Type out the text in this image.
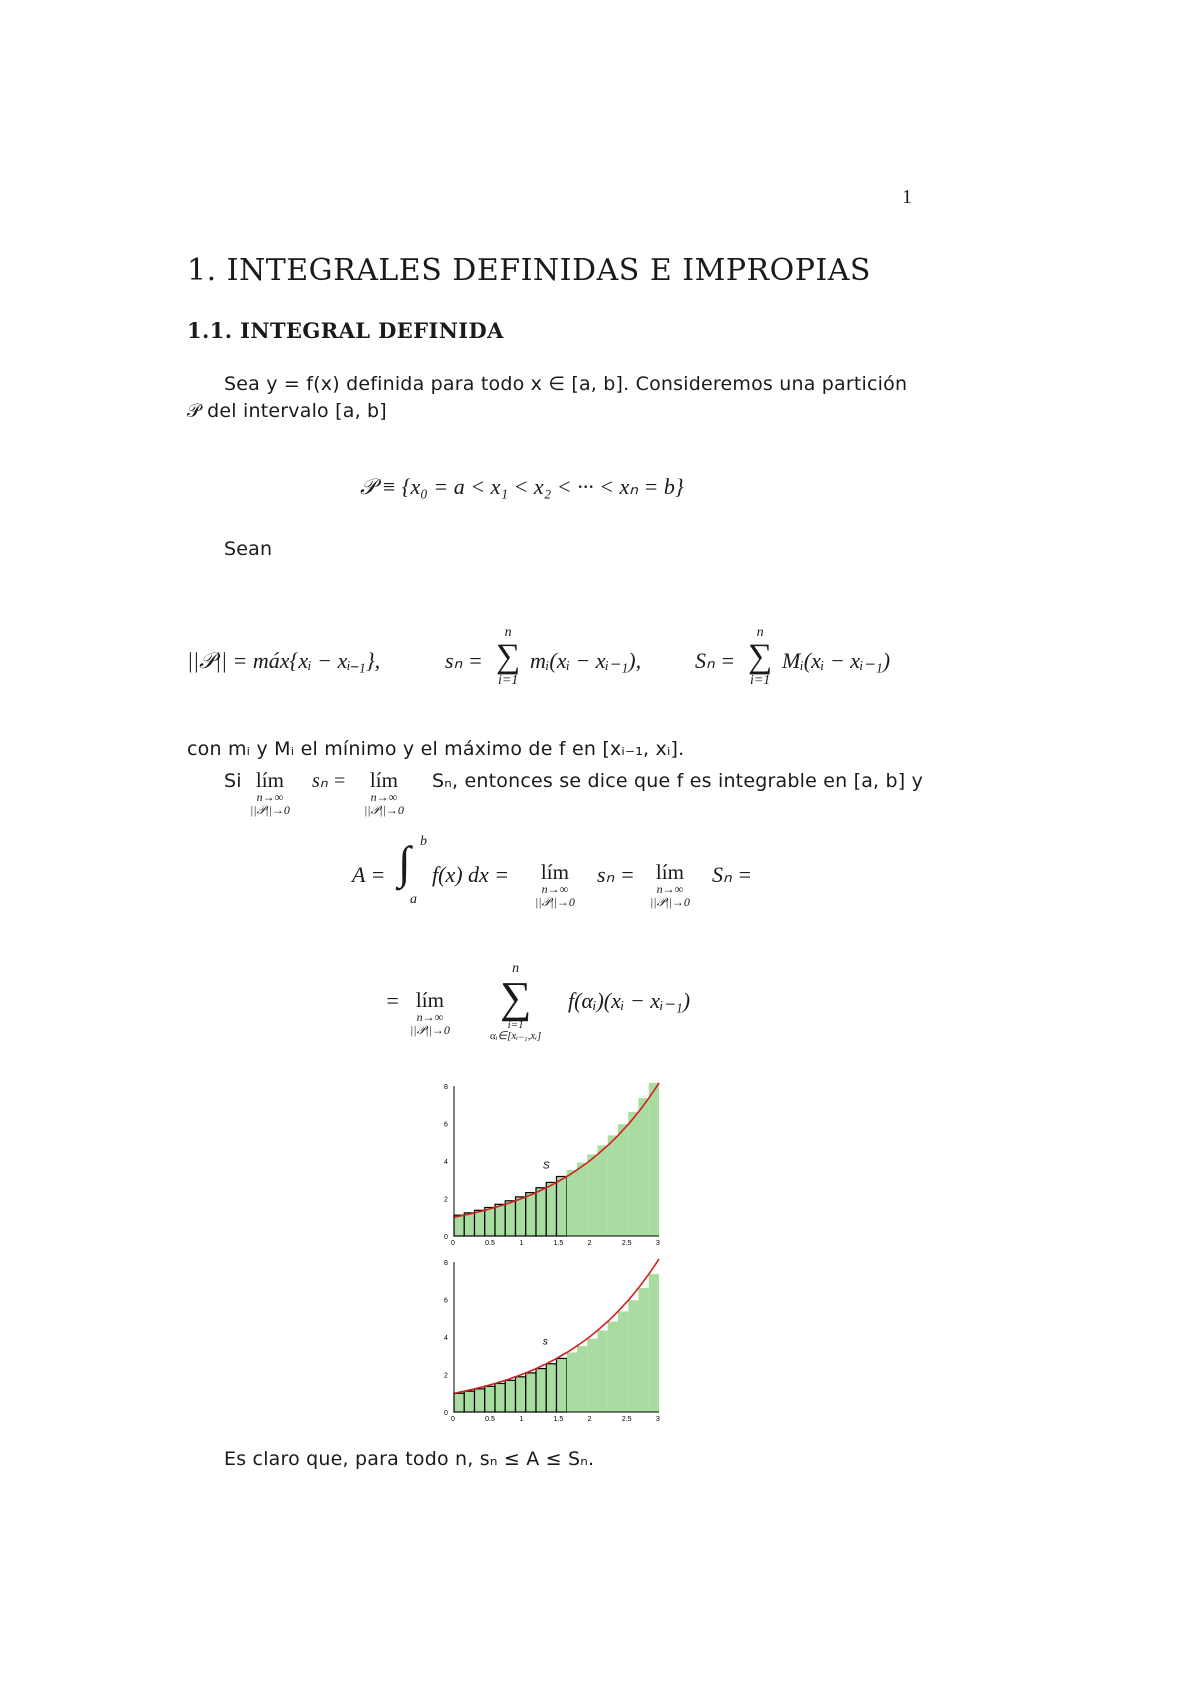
1
1. INTEGRALES DEFINIDAS E IMPROPIAS
1.1. INTEGRAL DEFINIDA
Sea y = f(x) definida para todo x ∈ [a, b]. Consideremos una partición
𝒫 del intervalo [a, b]
𝒫 ≡ {x₀ = a < x₁ < x₂ < ··· < xₙ = b}
Sean
||𝒫|| = máx{xᵢ − xᵢ₋₁},	sₙ =
n
∑
i=1
mᵢ(xᵢ − xᵢ₋₁), Sₙ =
n
∑
i=1
Mᵢ(xᵢ − xᵢ₋₁)
con mᵢ y Mᵢ el mínimo y el máximo de f en [xᵢ₋₁, xᵢ].
Si lím
n→∞
||𝒫||→0
sₙ = lím
n→∞
||𝒫||→0
Sₙ, entonces se dice que f es integrable en [a, b] y
A = ∫ b
a
f(x) dx = lím
n→∞
||𝒫||→0
sₙ = lím
n→∞
||𝒫||→0
Sₙ =
= lím
n→∞
||𝒫||→0
n
∑
i=1
αᵢ∈[xᵢ₋₁,xᵢ]
f(αᵢ)(xᵢ − xᵢ₋₁)
0
2
4
6
8
0	0.5	1	1.5	2	2.5	3
S
0
2
4
6
8
0	0.5	1	1.5	2	2.5	3
s
Es claro que, para todo n, sₙ ≤ A ≤ Sₙ.
